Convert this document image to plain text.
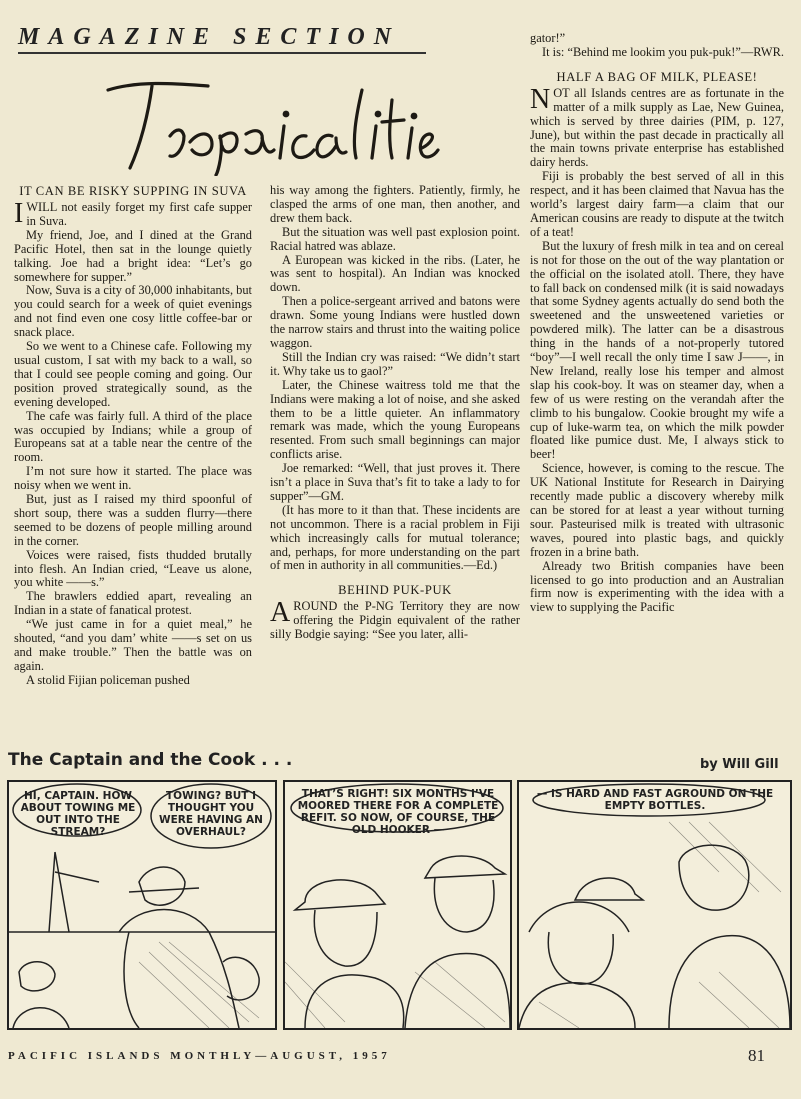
MAGAZINE SECTION
IT CAN BE RISKY SUPPING IN SUVA

I WILL not easily forget my first cafe supper in Suva.

My friend, Joe, and I dined at the Grand Pacific Hotel, then sat in the lounge quietly talking. Joe had a bright idea: “Let’s go somewhere for supper.”

Now, Suva is a city of 30,000 inhabitants, but you could search for a week of quiet evenings and not find even one cosy little coffee-bar or snack place.

So we went to a Chinese cafe. Following my usual custom, I sat with my back to a wall, so that I could see people coming and going. Our position proved strategically sound, as the evening developed.

The cafe was fairly full. A third of the place was occupied by Indians; while a group of Europeans sat at a table near the centre of the room.

I’m not sure how it started. The place was noisy when we went in.

But, just as I raised my third spoonful of short soup, there was a sudden flurry—there seemed to be dozens of people milling around in the corner.

Voices were raised, fists thudded brutally into flesh. An Indian cried, “Leave us alone, you white ——s.”

The brawlers eddied apart, revealing an Indian in a state of fanatical protest.

“We just came in for a quiet meal,” he shouted, “and you dam’ white ——s set on us and make trouble.” Then the battle was on again.

A stolid Fijian policeman pushed

his way among the fighters. Patiently, firmly, he clasped the arms of one man, then another, and drew them back.

But the situation was well past explosion point. Racial hatred was ablaze.

A European was kicked in the ribs. (Later, he was sent to hospital). An Indian was knocked down.

Then a police-sergeant arrived and batons were drawn. Some young Indians were hustled down the narrow stairs and thrust into the waiting police waggon.

Still the Indian cry was raised: “We didn’t start it. Why take us to gaol?”

Later, the Chinese waitress told me that the Indians were making a lot of noise, and she asked them to be a little quieter. An inflammatory remark was made, which the young Europeans resented. From such small beginnings can major conflicts arise.

Joe remarked: “Well, that just proves it. There isn’t a place in Suva that’s fit to take a lady to for supper”—GM.

(It has more to it than that. These incidents are not uncommon. There is a racial problem in Fiji which increasingly calls for mutual tolerance; and, perhaps, for more understanding on the part of men in authority in all communities.—Ed.)

BEHIND PUK-PUK

AROUND the P-NG Territory they are now offering the Pidgin equivalent of the rather silly Bodgie saying: “See you later, alli-

gator!”

It is: “Behind me lookim you puk-puk!”—RWR.

HALF A BAG OF MILK, PLEASE!

NOT all Islands centres are as fortunate in the matter of a milk supply as Lae, New Guinea, which is served by three dairies (PIM, p. 127, June), but within the past decade in practically all the main towns private enterprise has established dairy herds.

Fiji is probably the best served of all in this respect, and it has been claimed that Navua has the world’s largest dairy farm—a claim that our American cousins are ready to dispute at the twitch of a teat!

But the luxury of fresh milk in tea and on cereal is not for those on the out of the way plantation or the official on the isolated atoll. There, they have to fall back on condensed milk (it is said nowadays that some Sydney agents actually do send both the sweetened and the unsweetened varieties or powdered milk). The latter can be a disastrous thing in the hands of a not-properly tutored “boy”—I well recall the only time I saw J——, in New Ireland, really lose his temper and almost slap his cook-boy. It was on steamer day, when a few of us were resting on the verandah after the climb to his bungalow. Cookie brought my wife a cup of luke-warm tea, on which the milk powder floated like pumice dust. Me, I always stick to beer!

Science, however, is coming to the rescue. The UK National Institute for Research in Dairying recently made public a discovery whereby milk can be stored for at least a year without turning sour. Pasteurised milk is treated with ultrasonic waves, poured into plastic bags, and quickly frozen in a brine bath.

Already two British companies have been licensed to go into production and an Australian firm now is experimenting with the idea with a view to supplying the Pacific

The Captain and the Cook . . .	by Will Gill
HI, CAPTAIN. HOW ABOUT TOWING ME OUT INTO THE STREAM?
TOWING? BUT I THOUGHT YOU WERE HAVING AN OVERHAUL?
THAT’S RIGHT! SIX MONTHS I’VE MOORED THERE FOR A COMPLETE REFIT. SO NOW, OF COURSE, THE OLD HOOKER —
— IS HARD AND FAST AGROUND ON THE EMPTY BOTTLES.
PACIFIC ISLANDS MONTHLY—AUGUST, 1957	81
